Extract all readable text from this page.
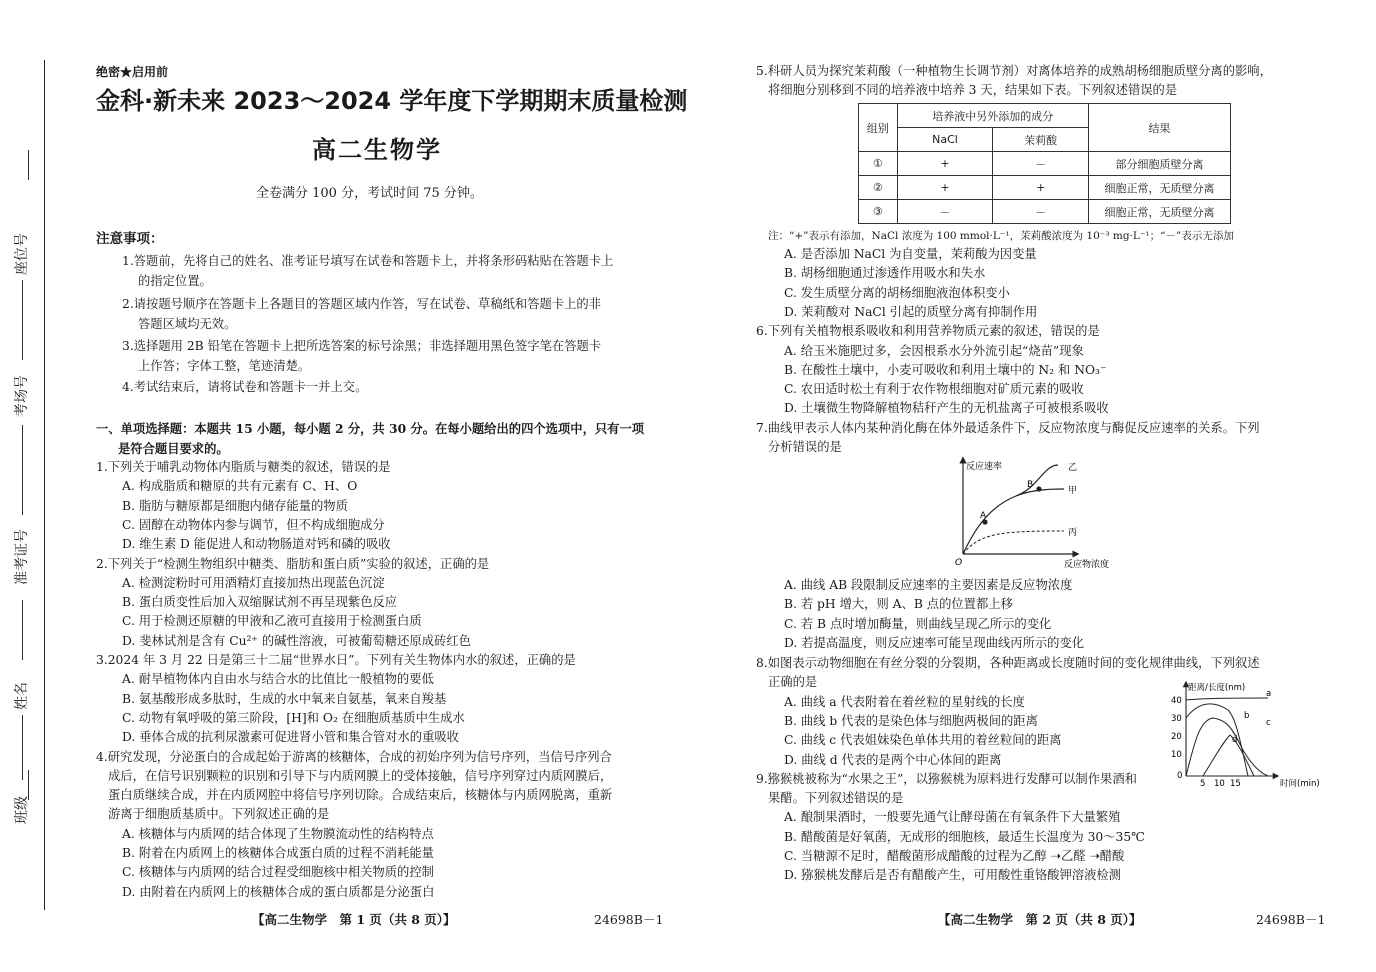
座位号
考场号
准考证号
姓名
班级
绝密★启用前
金科·新未来 2023～2024 学年度下学期期末质量检测
高二生物学
全卷满分 100 分，考试时间 75 分钟。
注意事项：
1.答题前，先将自己的姓名、准考证号填写在试卷和答题卡上，并将条形码粘贴在答题卡上
的指定位置。
2.请按题号顺序在答题卡上各题目的答题区域内作答，写在试卷、草稿纸和答题卡上的非
答题区域均无效。
3.选择题用 2B 铅笔在答题卡上把所选答案的标号涂黑；非选择题用黑色签字笔在答题卡
上作答；字体工整，笔迹清楚。
4.考试结束后，请将试卷和答题卡一并上交。
一、单项选择题：本题共 15 小题，每小题 2 分，共 30 分。在每小题给出的四个选项中，只有一项
是符合题目要求的。
1.下列关于哺乳动物体内脂质与糖类的叙述，错误的是
A. 构成脂质和糖原的共有元素有 C、H、O
B. 脂肪与糖原都是细胞内储存能量的物质
C. 固醇在动物体内参与调节，但不构成细胞成分
D. 维生素 D 能促进人和动物肠道对钙和磷的吸收
2.下列关于“检测生物组织中糖类、脂肪和蛋白质”实验的叙述，正确的是
A. 检测淀粉时可用酒精灯直接加热出现蓝色沉淀
B. 蛋白质变性后加入双缩脲试剂不再呈现紫色反应
C. 用于检测还原糖的甲液和乙液可直接用于检测蛋白质
D. 斐林试剂是含有 Cu²⁺ 的碱性溶液，可被葡萄糖还原成砖红色
3.2024 年 3 月 22 日是第三十二届“世界水日”。下列有关生物体内水的叙述，正确的是
A. 耐旱植物体内自由水与结合水的比值比一般植物的要低
B. 氨基酸形成多肽时，生成的水中氧来自氨基，氧来自羧基
C. 动物有氧呼吸的第三阶段，[H]和 O₂ 在细胞质基质中生成水
D. 垂体合成的抗利尿激素可促进肾小管和集合管对水的重吸收
4.研究发现，分泌蛋白的合成起始于游离的核糖体，合成的初始序列为信号序列，当信号序列合
成后，在信号识别颗粒的识别和引导下与内质网膜上的受体接触，信号序列穿过内质网膜后，
蛋白质继续合成，并在内质网腔中将信号序列切除。合成结束后，核糖体与内质网脱离，重新
游离于细胞质基质中。下列叙述正确的是
A. 核糖体与内质网的结合体现了生物膜流动性的结构特点
B. 附着在内质网上的核糖体合成蛋白质的过程不消耗能量
C. 核糖体与内质网的结合过程受细胞核中相关物质的控制
D. 由附着在内质网上的核糖体合成的蛋白质都是分泌蛋白
【高二生物学　第 1 页（共 8 页）】	24698B－1
5.科研人员为探究茉莉酸（一种植物生长调节剂）对离体培养的成熟胡杨细胞质壁分离的影响，
将细胞分别移到不同的培养液中培养 3 天，结果如下表。下列叙述错误的是
组别	培养液中另外添加的成分		结果
	NaCl	茉莉酸	
①	+	－	部分细胞质壁分离
②	+	+	细胞正常，无质壁分离
③	－	－	细胞正常，无质壁分离
注：“+”表示有添加，NaCl 浓度为 100 mmol·L⁻¹，茉莉酸浓度为 10⁻³ mg·L⁻¹；“－”表示无添加
A. 是否添加 NaCl 为自变量，茉莉酸为因变量
B. 胡杨细胞通过渗透作用吸水和失水
C. 发生质壁分离的胡杨细胞液泡体积变小
D. 茉莉酸对 NaCl 引起的质壁分离有抑制作用
6.下列有关植物根系吸收和利用营养物质元素的叙述，错误的是
A. 给玉米施肥过多，会因根系水分外流引起“烧苗”现象
B. 在酸性土壤中，小麦可吸收和利用土壤中的 N₂ 和 NO₃⁻
C. 农田适时松土有利于农作物根细胞对矿质元素的吸收
D. 土壤微生物降解植物秸秆产生的无机盐离子可被根系吸收
7.曲线甲表示人体内某种消化酶在体外最适条件下，反应物浓度与酶促反应速率的关系。下列
分析错误的是
A. 曲线 AB 段限制反应速率的主要因素是反应物浓度
B. 若 pH 增大，则 A、B 点的位置都上移
C. 若 B 点时增加酶量，则曲线呈现乙所示的变化
D. 若提高温度，则反应速率可能呈现曲线丙所示的变化
8.如图表示动物细胞在有丝分裂的分裂期，各种距离或长度随时间的变化规律曲线，下列叙述
正确的是
A. 曲线 a 代表附着在着丝粒的星射线的长度
B. 曲线 b 代表的是染色体与细胞两极间的距离
C. 曲线 c 代表姐妹染色单体共用的着丝粒间的距离
D. 曲线 d 代表的是两个中心体间的距离
9.猕猴桃被称为“水果之王”，以猕猴桃为原料进行发酵可以制作果酒和
果醋。下列叙述错误的是
A. 酿制果酒时，一般要先通气让酵母菌在有氧条件下大量繁殖
B. 醋酸菌是好氧菌，无成形的细胞核，最适生长温度为 30～35℃
C. 当糖源不足时，醋酸菌形成醋酸的过程为乙醇 ➝乙醛 ➝醋酸
D. 猕猴桃发酵后是否有醋酸产生，可用酸性重铬酸钾溶液检测
反应速率
反应物浓度
O
A
B
乙
甲
丙
距离/长度(nm)
时间(min)
40
30
20
10
0
5 10 15
a
b
c
d
【高二生物学　第 2 页（共 8 页）】	24698B－1
